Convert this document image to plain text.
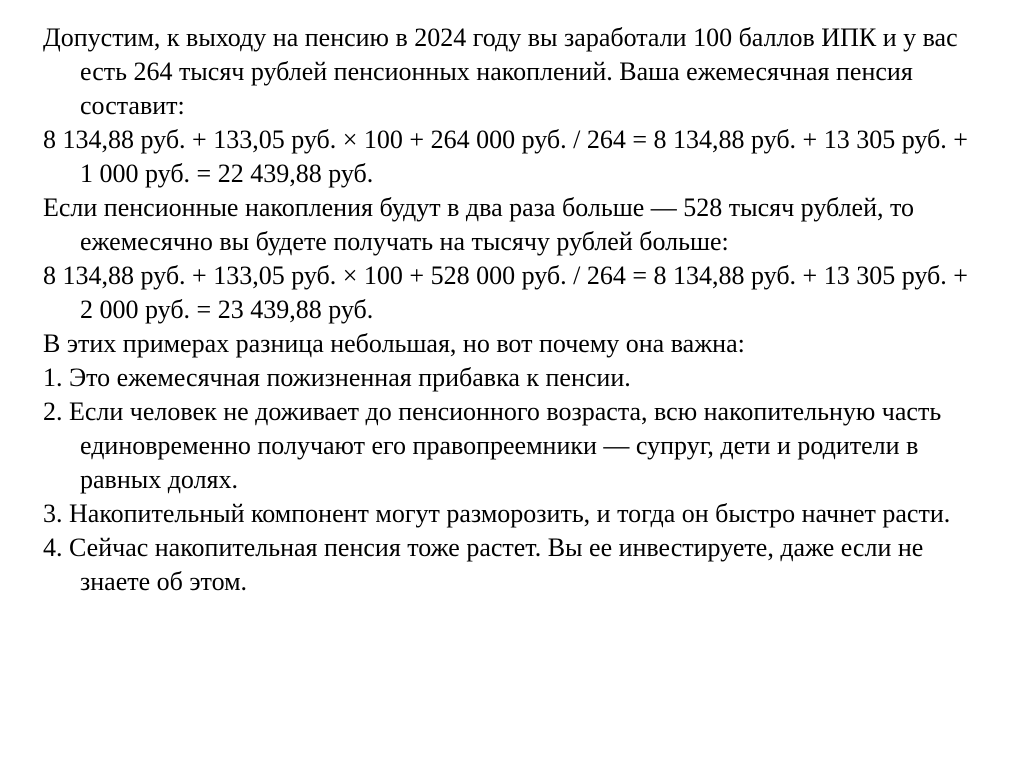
Допустим, к выходу на пенсию в 2024 году вы заработали 100 баллов ИПК и у вас есть 264 тысяч рублей пенсионных накоплений. Ваша ежемесячная пенсия составит:

8 134,88 руб. + 133,05 руб. × 100 + 264 000 руб. / 264 = 8 134,88 руб. + 13 305 руб. + 1 000 руб. = 22 439,88 руб.

Если пенсионные накопления будут в два раза больше — 528 тысяч рублей, то ежемесячно вы будете получать на тысячу рублей больше:

8 134,88 руб. + 133,05 руб. × 100 + 528 000 руб. / 264 = 8 134,88 руб. + 13 305 руб. + 2 000 руб. = 23 439,88 руб.

В этих примерах разница небольшая, но вот почему она важна:

1. Это ежемесячная пожизненная прибавка к пенсии.

2. Если человек не доживает до пенсионного возраста, всю накопительную часть единовременно получают его правопреемники — супруг, дети и родители в равных долях.

3. Накопительный компонент могут разморозить, и тогда он быстро начнет расти.

4. Сейчас накопительная пенсия тоже растет. Вы ее инвестируете, даже если не знаете об этом.
